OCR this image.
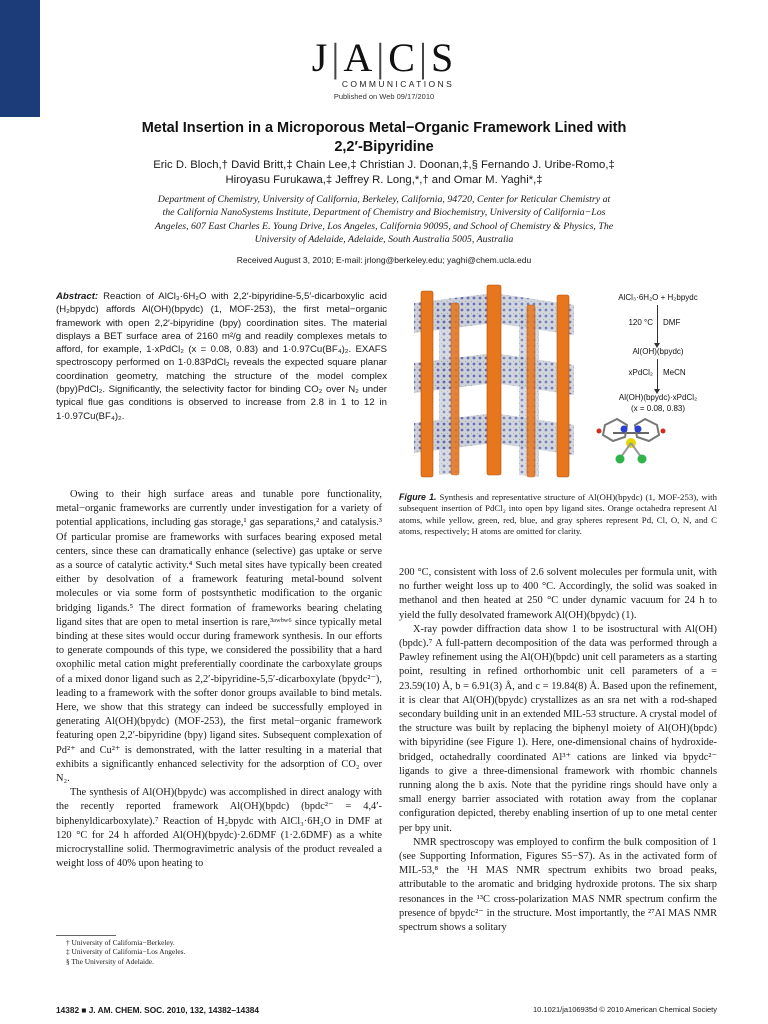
J|A|C|S
COMMUNICATIONS
Published on Web 09/17/2010
Metal Insertion in a Microporous Metal−Organic Framework Lined with
2,2′-Bipyridine
Eric D. Bloch,† David Britt,‡ Chain Lee,‡ Christian J. Doonan,‡,§ Fernando J. Uribe-Romo,‡
Hiroyasu Furukawa,‡ Jeffrey R. Long,*,† and Omar M. Yaghi*,‡
Department of Chemistry, University of California, Berkeley, California, 94720, Center for Reticular Chemistry at
the California NanoSystems Institute, Department of Chemistry and Biochemistry, University of California−Los
Angeles, 607 East Charles E. Young Drive, Los Angeles, California 90095, and School of Chemistry & Physics, The
University of Adelaide, Adelaide, South Australia 5005, Australia
Received August 3, 2010; E-mail: jrlong@berkeley.edu; yaghi@chem.ucla.edu
Abstract: Reaction of AlCl₃·6H₂O with 2,2′-bipyridine-5,5′-dicarboxylic acid (H₂bpydc) affords Al(OH)(bpydc) (1, MOF-253), the first metal−organic framework with open 2,2′-bipyridine (bpy) coordination sites. The material displays a BET surface area of 2160 m²/g and readily complexes metals to afford, for example, 1·xPdCl₂ (x = 0.08, 0.83) and 1·0.97Cu(BF₄)₂. EXAFS spectroscopy performed on 1·0.83PdCl₂ reveals the expected square planar coordination geometry, matching the structure of the model complex (bpy)PdCl₂. Significantly, the selectivity factor for binding CO₂ over N₂ under typical flue gas conditions is observed to increase from 2.8 in 1 to 12 in 1·0.97Cu(BF₄)₂.
AlCl₃·6H₂O + H₂bpydc
120 °C DMF
Al(OH)(bpydc)
xPdCl₂ MeCN
Al(OH)(bpydc)·xPdCl₂
(x = 0.08, 0.83)
Figure 1. Synthesis and representative structure of Al(OH)(bpydc) (1, MOF-253), with subsequent insertion of PdCl₂ into open bpy ligand sites. Orange octahedra represent Al atoms, while yellow, green, red, blue, and gray spheres represent Pd, Cl, O, N, and C atoms, respectively; H atoms are omitted for clarity.

Owing to their high surface areas and tunable pore functionality, metal−organic frameworks are currently under investigation for a variety of potential applications, including gas storage,¹ gas separations,² and catalysis.³ Of particular promise are frameworks with surfaces bearing exposed metal centers, since these can dramatically enhance (selective) gas uptake or serve as a source of catalytic activity.⁴ Such metal sites have typically been created either by desolvation of a framework featuring metal-bound solvent molecules or via some form of postsynthetic modification to the organic bridging ligands.⁵ The direct formation of frameworks bearing chelating ligand sites that are open to metal insertion is rare,³ᵃʷᵇʷ⁶ since typically metal binding at these sites would occur during framework synthesis. In our efforts to generate compounds of this type, we considered the possibility that a hard oxophilic metal cation might preferentially coordinate the carboxylate groups of a mixed donor ligand such as 2,2′-bipyridine-5,5′-dicarboxylate (bpydc²⁻), leading to a framework with the softer donor groups available to bind metals. Here, we show that this strategy can indeed be successfully employed in generating Al(OH)(bpydc) (MOF-253), the first metal−organic framework featuring open 2,2′-bipyridine (bpy) ligand sites. Subsequent complexation of Pd²⁺ and Cu²⁺ is demonstrated, with the latter resulting in a material that exhibits a significantly enhanced selectivity for the adsorption of CO₂ over N₂.

The synthesis of Al(OH)(bpydc) was accomplished in direct analogy with the recently reported framework Al(OH)(bpdc) (bpdc²⁻ = 4,4′-biphenyldicarboxylate).⁷ Reaction of H₂bpydc with AlCl₃·6H₂O in DMF at 120 °C for 24 h afforded Al(OH)(bpydc)·2.6DMF (1·2.6DMF) as a white microcrystalline solid. Thermogravimetric analysis of the product revealed a weight loss of 40% upon heating to

200 °C, consistent with loss of 2.6 solvent molecules per formula unit, with no further weight loss up to 400 °C. Accordingly, the solid was soaked in methanol and then heated at 250 °C under dynamic vacuum for 24 h to yield the fully desolvated framework Al(OH)(bpydc) (1).

X-ray powder diffraction data show 1 to be isostructural with Al(OH)(bpdc).⁷ A full-pattern decomposition of the data was performed through a Pawley refinement using the Al(OH)(bpdc) unit cell parameters as a starting point, resulting in refined orthorhombic unit cell parameters of a = 23.59(10) Å, b = 6.91(3) Å, and c = 19.84(8) Å. Based upon the refinement, it is clear that Al(OH)(bpydc) crystallizes as an sra net with a rod-shaped secondary building unit in an extended MIL-53 structure. A crystal model of the structure was built by replacing the biphenyl moiety of Al(OH)(bpdc) with bipyridine (see Figure 1). Here, one-dimensional chains of hydroxide-bridged, octahedrally coordinated Al³⁺ cations are linked via bpydc²⁻ ligands to give a three-dimensional framework with rhombic channels running along the b axis. Note that the pyridine rings should have only a small energy barrier associated with rotation away from the coplanar configuration depicted, thereby enabling insertion of up to one metal center per bpy unit.

NMR spectroscopy was employed to confirm the bulk composition of 1 (see Supporting Information, Figures S5−S7). As in the activated form of MIL-53,⁸ the ¹H MAS NMR spectrum exhibits two broad peaks, attributable to the aromatic and bridging hydroxide protons. The six sharp resonances in the ¹³C cross-polarization MAS NMR spectrum confirm the presence of bpydc²⁻ in the structure. Most importantly, the ²⁷Al MAS NMR spectrum shows a solitary

† University of California−Berkeley.
‡ University of California−Los Angeles.
§ The University of Adelaide.
14382 ■ J. AM. CHEM. SOC. 2010, 132, 14382–14384	10.1021/ja106935d © 2010 American Chemical Society
